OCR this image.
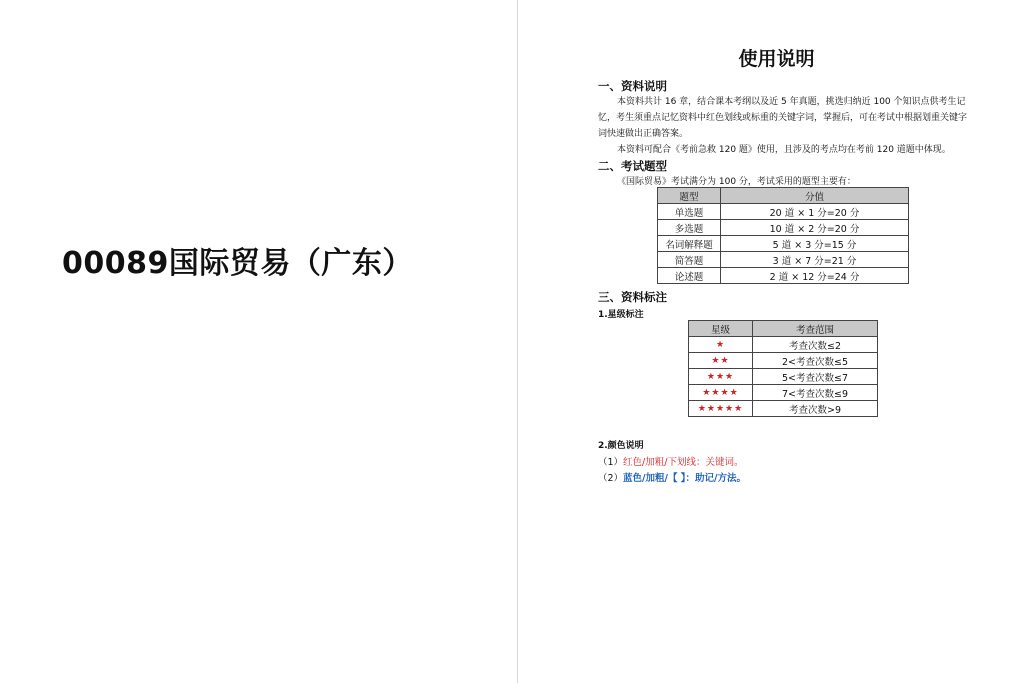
00089国际贸易（广东）
使用说明
一、资料说明
本资料共计 16 章，结合课本考纲以及近 5 年真题，挑选归纳近 100 个知识点供考生记忆，考生须重点记忆资料中红色划线或标重的关键字词，掌握后，可在考试中根据划重关键字词快速做出正确答案。
本资料可配合《考前急救 120 题》使用，且涉及的考点均在考前 120 道题中体现。
二、考试题型
《国际贸易》考试满分为 100 分，考试采用的题型主要有：
题型	分值
单选题	20 道 × 1 分=20 分
多选题	10 道 × 2 分=20 分
名词解释题	5 道 × 3 分=15 分
简答题	3 道 × 7 分=21 分
论述题	2 道 × 12 分=24 分
三、资料标注
1.星级标注
星级	考查范围
★	考查次数≤2
★★	2<考查次数≤5
★★★	5<考查次数≤7
★★★★	7<考查次数≤9
★★★★★	考查次数>9
2.颜色说明
（1）红色/加粗/下划线：关键词。
（2）蓝色/加粗/【 】：助记/方法。
